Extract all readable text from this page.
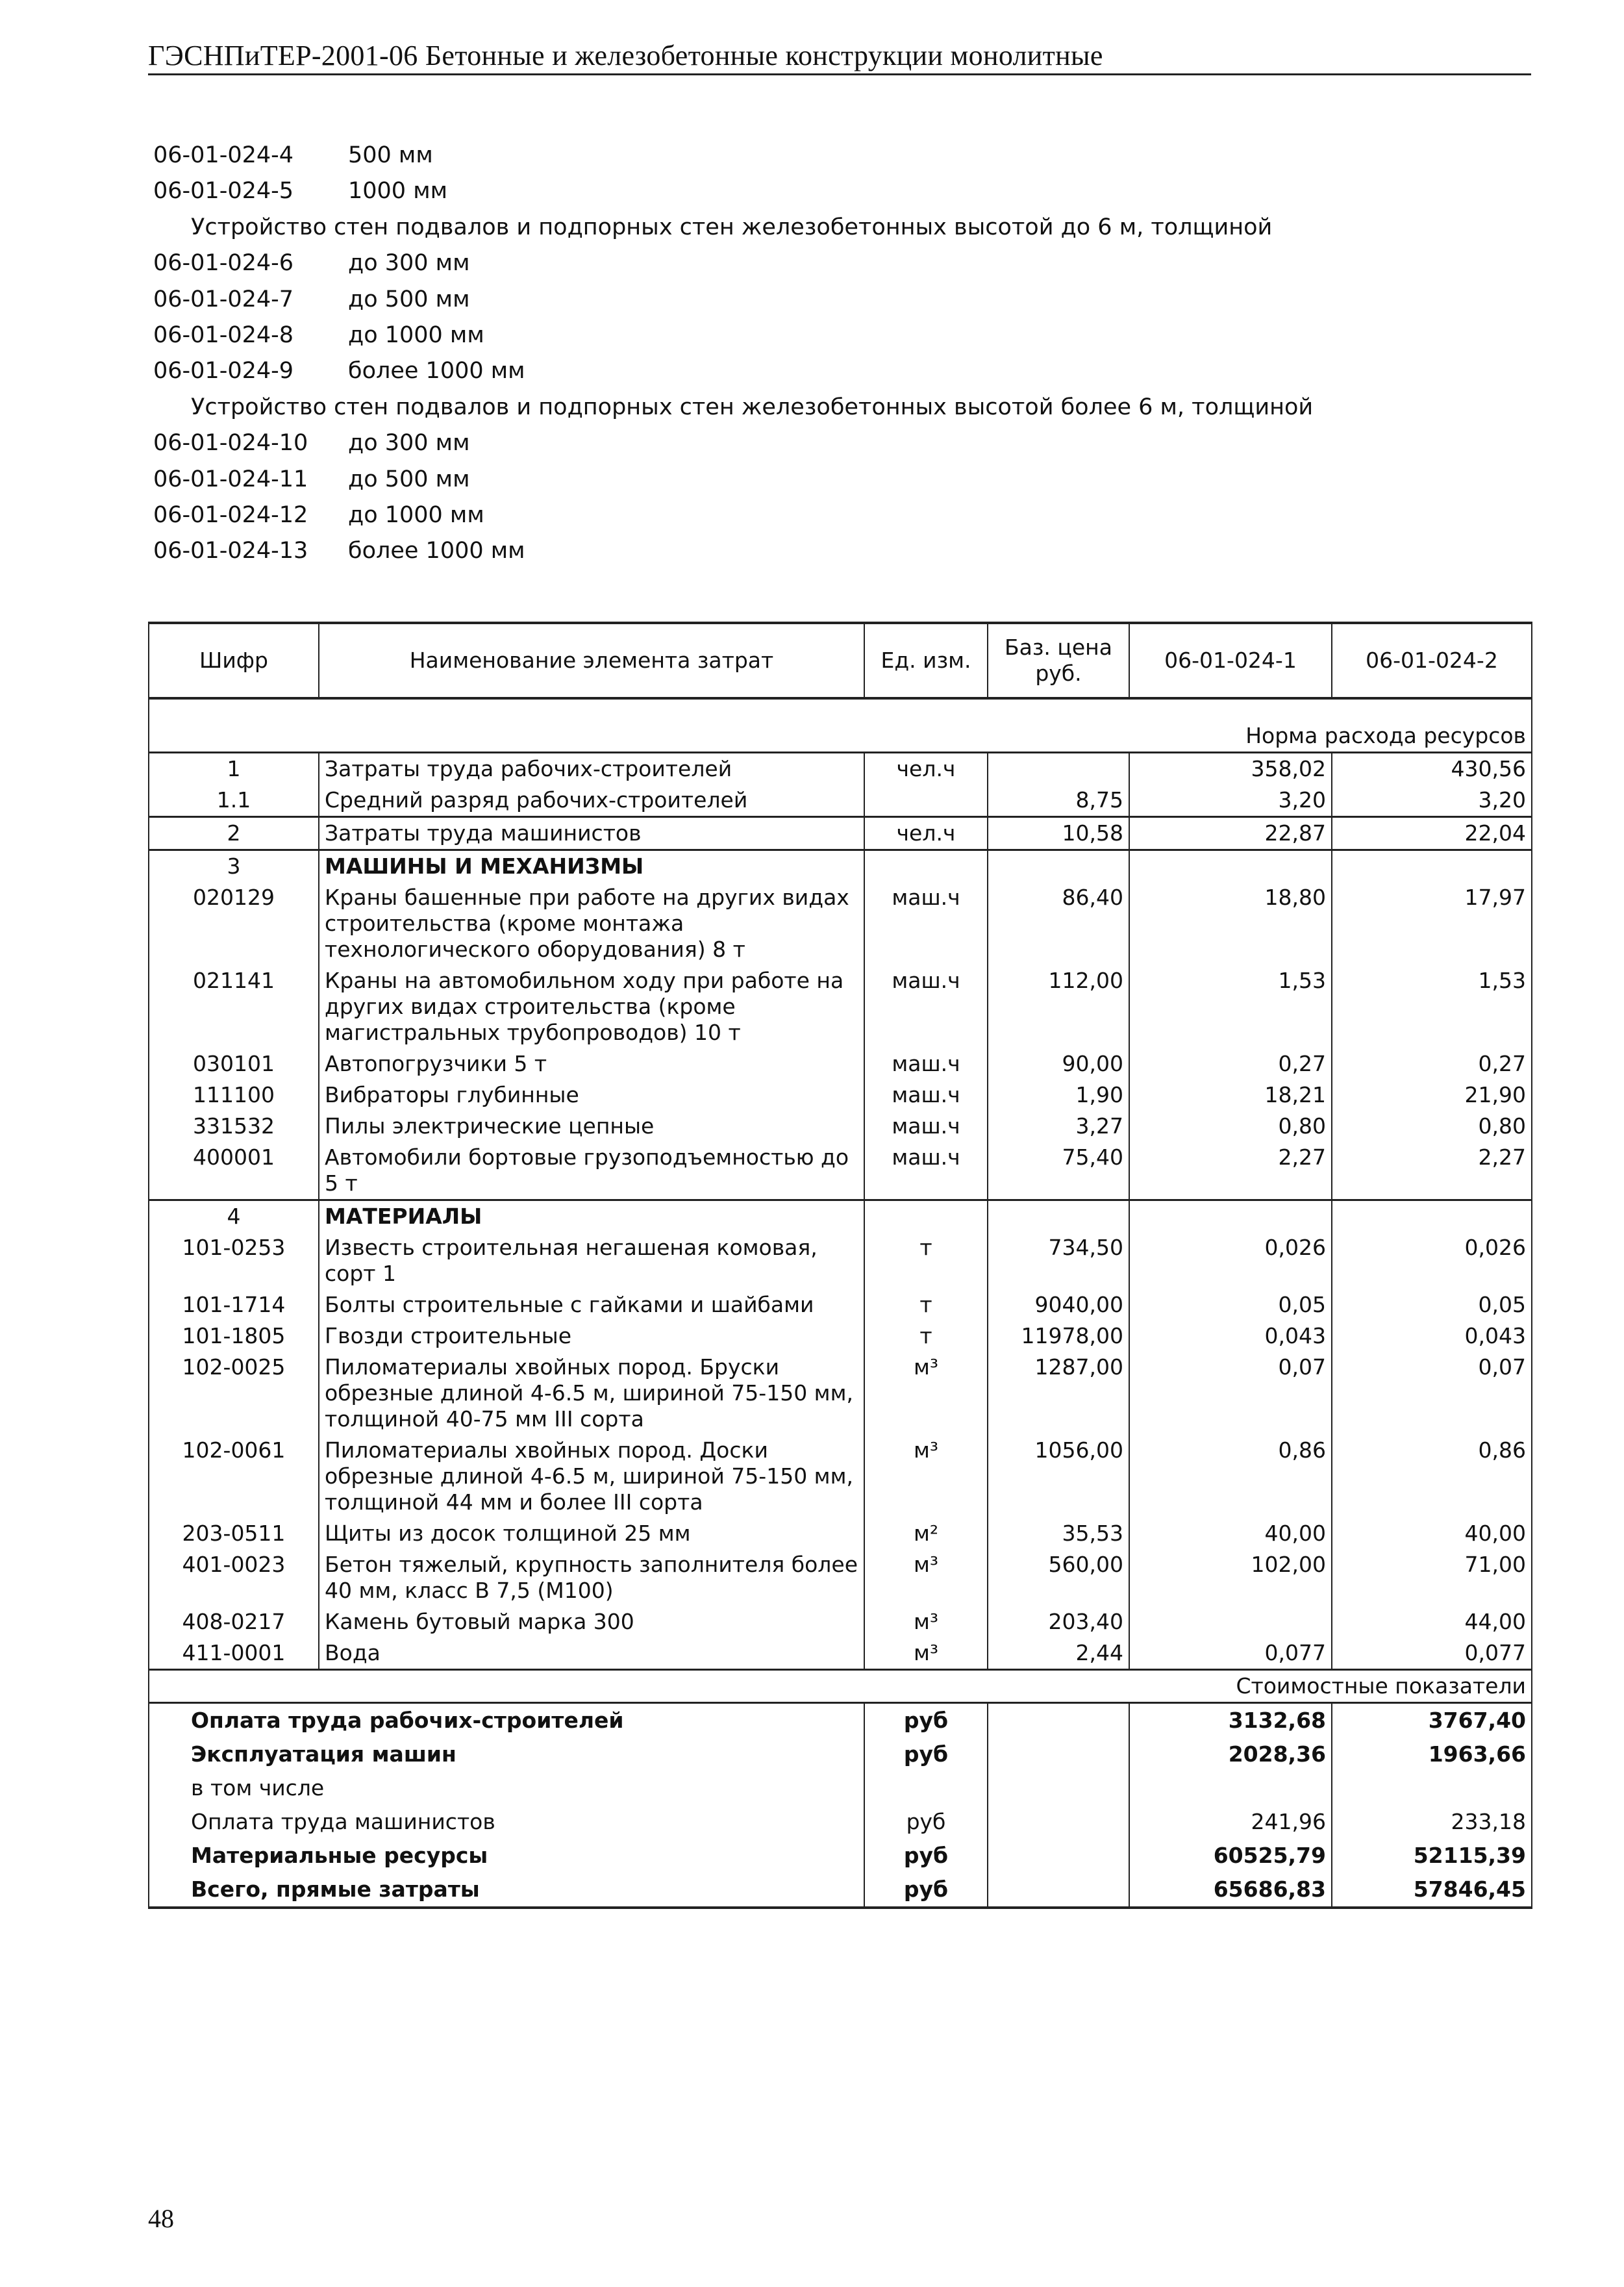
ГЭСНПиТЕР-2001-06 Бетонные и железобетонные конструкции монолитные
06-01-024-4 500 мм
06-01-024-5 1000 мм
Устройство стен подвалов и подпорных стен железобетонных высотой до 6 м, толщиной
06-01-024-6 до 300 мм
06-01-024-7 до 500 мм
06-01-024-8 до 1000 мм
06-01-024-9 более 1000 мм
Устройство стен подвалов и подпорных стен железобетонных высотой более 6 м, толщиной
06-01-024-10 до 300 мм
06-01-024-11 до 500 мм
06-01-024-12 до 1000 мм
06-01-024-13 более 1000 мм
Шифр	Наименование элемента затрат	Ед. изм.	Баз. цена руб.	06-01-024-1	06-01-024-2
Норма расхода ресурсов					
1	Затраты труда рабочих-строителей	чел.ч		358,02	430,56
1.1	Средний разряд рабочих-строителей		8,75	3,20	3,20
2	Затраты труда машинистов	чел.ч	10,58	22,87	22,04
3	МАШИНЫ И МЕХАНИЗМЫ				
020129	Краны башенные при работе на других видах строительства (кроме монтажа технологического оборудования) 8 т	маш.ч	86,40	18,80	17,97
021141	Краны на автомобильном ходу при работе на других видах строительства (кроме магистральных трубопроводов) 10 т	маш.ч	112,00	1,53	1,53
030101	Автопогрузчики 5 т	маш.ч	90,00	0,27	0,27
111100	Вибраторы глубинные	маш.ч	1,90	18,21	21,90
331532	Пилы электрические цепные	маш.ч	3,27	0,80	0,80
400001	Автомобили бортовые грузоподъемностью до 5 т	маш.ч	75,40	2,27	2,27
4	МАТЕРИАЛЫ				
101-0253	Известь строительная негашеная комовая, сорт 1	т	734,50	0,026	0,026
101-1714	Болты строительные с гайками и шайбами	т	9040,00	0,05	0,05
101-1805	Гвозди строительные	т	11978,00	0,043	0,043
102-0025	Пиломатериалы хвойных пород. Бруски обрезные длиной 4-6.5 м, шириной 75-150 мм, толщиной 40-75 мм III сорта	м³	1287,00	0,07	0,07
102-0061	Пиломатериалы хвойных пород. Доски обрезные длиной 4-6.5 м, шириной 75-150 мм, толщиной 44 мм и более III сорта	м³	1056,00	0,86	0,86
203-0511	Щиты из досок толщиной 25 мм	м²	35,53	40,00	40,00
401-0023	Бетон тяжелый, крупность заполнителя более 40 мм, класс В 7,5 (М100)	м³	560,00	102,00	71,00
408-0217	Камень бутовый марка 300	м³	203,40		44,00
411-0001	Вода	м³	2,44	0,077	0,077
Стоимостные показатели					
Оплата труда рабочих-строителей		руб		3132,68	3767,40
Эксплуатация машин		руб		2028,36	1963,66
в том числе					
Оплата труда машинистов		руб		241,96	233,18
Материальные ресурсы		руб		60525,79	52115,39
Всего, прямые затраты		руб		65686,83	57846,45
48
